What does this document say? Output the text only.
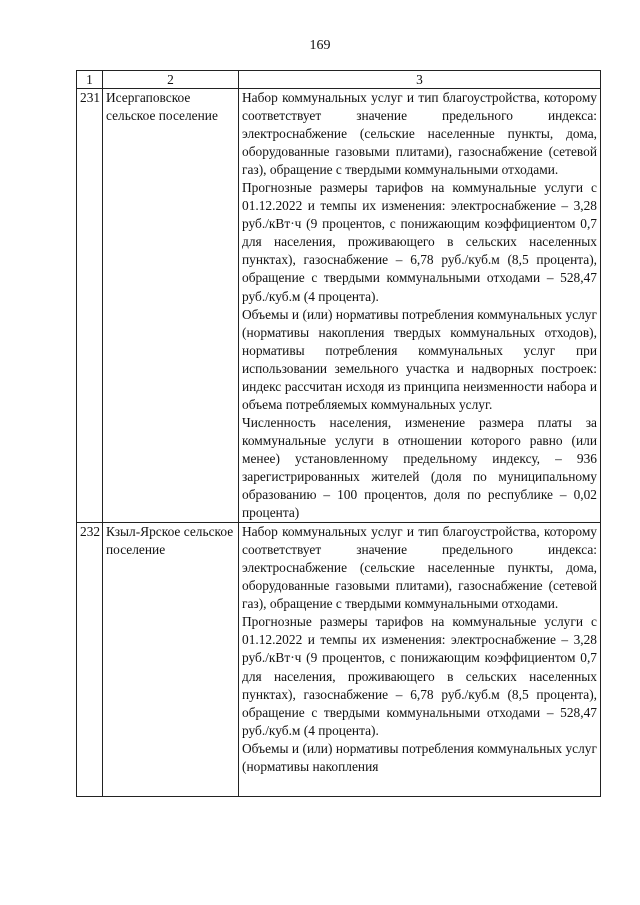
169
1	2	3
231	Исергаповское сельское поселение	Набор коммунальных услуг и тип благоустройства, которому соответствует значение предельного индекса: электроснабжение (сельские населенные пункты, дома, оборудованные газовыми плитами), газоснабжение (сетевой газ), обращение с твердыми коммунальными отходами.

Прогнозные размеры тарифов на коммунальные услуги с 01.12.2022 и темпы их изменения: электроснабжение – 3,28 руб./кВт·ч (9 процентов, с понижающим коэффициентом 0,7 для населения, проживающего в сельских населенных пунктах), газоснабжение – 6,78 руб./куб.м (8,5 процента), обращение с твердыми коммунальными отходами – 528,47 руб./куб.м (4 процента).

Объемы и (или) нормативы потребления коммунальных услуг (нормативы накопления твердых коммунальных отходов), нормативы потребления коммунальных услуг при использовании земельного участка и надворных построек: индекс рассчитан исходя из принципа неизменности набора и объема потребляемых коммунальных услуг.

Численность населения, изменение размера платы за коммунальные услуги в отношении которого равно (или менее) установленному предельному индексу, – 936 зарегистрированных жителей (доля по муниципальному образованию – 100 процентов, доля по республике – 0,02 процента)

232	Кзыл-Ярское сельское поселение	Набор коммунальных услуг и тип благоустройства, которому соответствует значение предельного индекса: электроснабжение (сельские населенные пункты, дома, оборудованные газовыми плитами), газоснабжение (сетевой газ), обращение с твердыми коммунальными отходами.

Прогнозные размеры тарифов на коммунальные услуги с 01.12.2022 и темпы их изменения: электроснабжение – 3,28 руб./кВт·ч (9 процентов, с понижающим коэффициентом 0,7 для населения, проживающего в сельских населенных пунктах), газоснабжение – 6,78 руб./куб.м (8,5 процента), обращение с твердыми коммунальными отходами – 528,47 руб./куб.м (4 процента).

Объемы и (или) нормативы потребления коммунальных услуг (нормативы накопления
